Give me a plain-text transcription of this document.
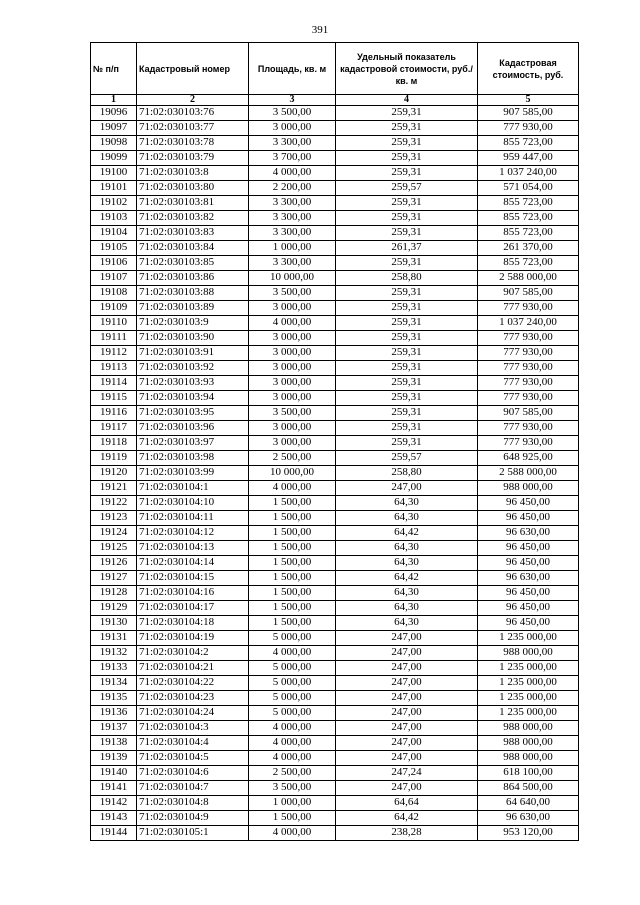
391
№ п/п	Кадастровый номер	Площадь, кв. м	Удельный показатель кадастровой стоимости, руб./кв. м	Кадастровая стоимость, руб.
1	2	3	4	5
19096	71:02:030103:76	3 500,00	259,31	907 585,00
19097	71:02:030103:77	3 000,00	259,31	777 930,00
19098	71:02:030103:78	3 300,00	259,31	855 723,00
19099	71:02:030103:79	3 700,00	259,31	959 447,00
19100	71:02:030103:8	4 000,00	259,31	1 037 240,00
19101	71:02:030103:80	2 200,00	259,57	571 054,00
19102	71:02:030103:81	3 300,00	259,31	855 723,00
19103	71:02:030103:82	3 300,00	259,31	855 723,00
19104	71:02:030103:83	3 300,00	259,31	855 723,00
19105	71:02:030103:84	1 000,00	261,37	261 370,00
19106	71:02:030103:85	3 300,00	259,31	855 723,00
19107	71:02:030103:86	10 000,00	258,80	2 588 000,00
19108	71:02:030103:88	3 500,00	259,31	907 585,00
19109	71:02:030103:89	3 000,00	259,31	777 930,00
19110	71:02:030103:9	4 000,00	259,31	1 037 240,00
19111	71:02:030103:90	3 000,00	259,31	777 930,00
19112	71:02:030103:91	3 000,00	259,31	777 930,00
19113	71:02:030103:92	3 000,00	259,31	777 930,00
19114	71:02:030103:93	3 000,00	259,31	777 930,00
19115	71:02:030103:94	3 000,00	259,31	777 930,00
19116	71:02:030103:95	3 500,00	259,31	907 585,00
19117	71:02:030103:96	3 000,00	259,31	777 930,00
19118	71:02:030103:97	3 000,00	259,31	777 930,00
19119	71:02:030103:98	2 500,00	259,57	648 925,00
19120	71:02:030103:99	10 000,00	258,80	2 588 000,00
19121	71:02:030104:1	4 000,00	247,00	988 000,00
19122	71:02:030104:10	1 500,00	64,30	96 450,00
19123	71:02:030104:11	1 500,00	64,30	96 450,00
19124	71:02:030104:12	1 500,00	64,42	96 630,00
19125	71:02:030104:13	1 500,00	64,30	96 450,00
19126	71:02:030104:14	1 500,00	64,30	96 450,00
19127	71:02:030104:15	1 500,00	64,42	96 630,00
19128	71:02:030104:16	1 500,00	64,30	96 450,00
19129	71:02:030104:17	1 500,00	64,30	96 450,00
19130	71:02:030104:18	1 500,00	64,30	96 450,00
19131	71:02:030104:19	5 000,00	247,00	1 235 000,00
19132	71:02:030104:2	4 000,00	247,00	988 000,00
19133	71:02:030104:21	5 000,00	247,00	1 235 000,00
19134	71:02:030104:22	5 000,00	247,00	1 235 000,00
19135	71:02:030104:23	5 000,00	247,00	1 235 000,00
19136	71:02:030104:24	5 000,00	247,00	1 235 000,00
19137	71:02:030104:3	4 000,00	247,00	988 000,00
19138	71:02:030104:4	4 000,00	247,00	988 000,00
19139	71:02:030104:5	4 000,00	247,00	988 000,00
19140	71:02:030104:6	2 500,00	247,24	618 100,00
19141	71:02:030104:7	3 500,00	247,00	864 500,00
19142	71:02:030104:8	1 000,00	64,64	64 640,00
19143	71:02:030104:9	1 500,00	64,42	96 630,00
19144	71:02:030105:1	4 000,00	238,28	953 120,00
